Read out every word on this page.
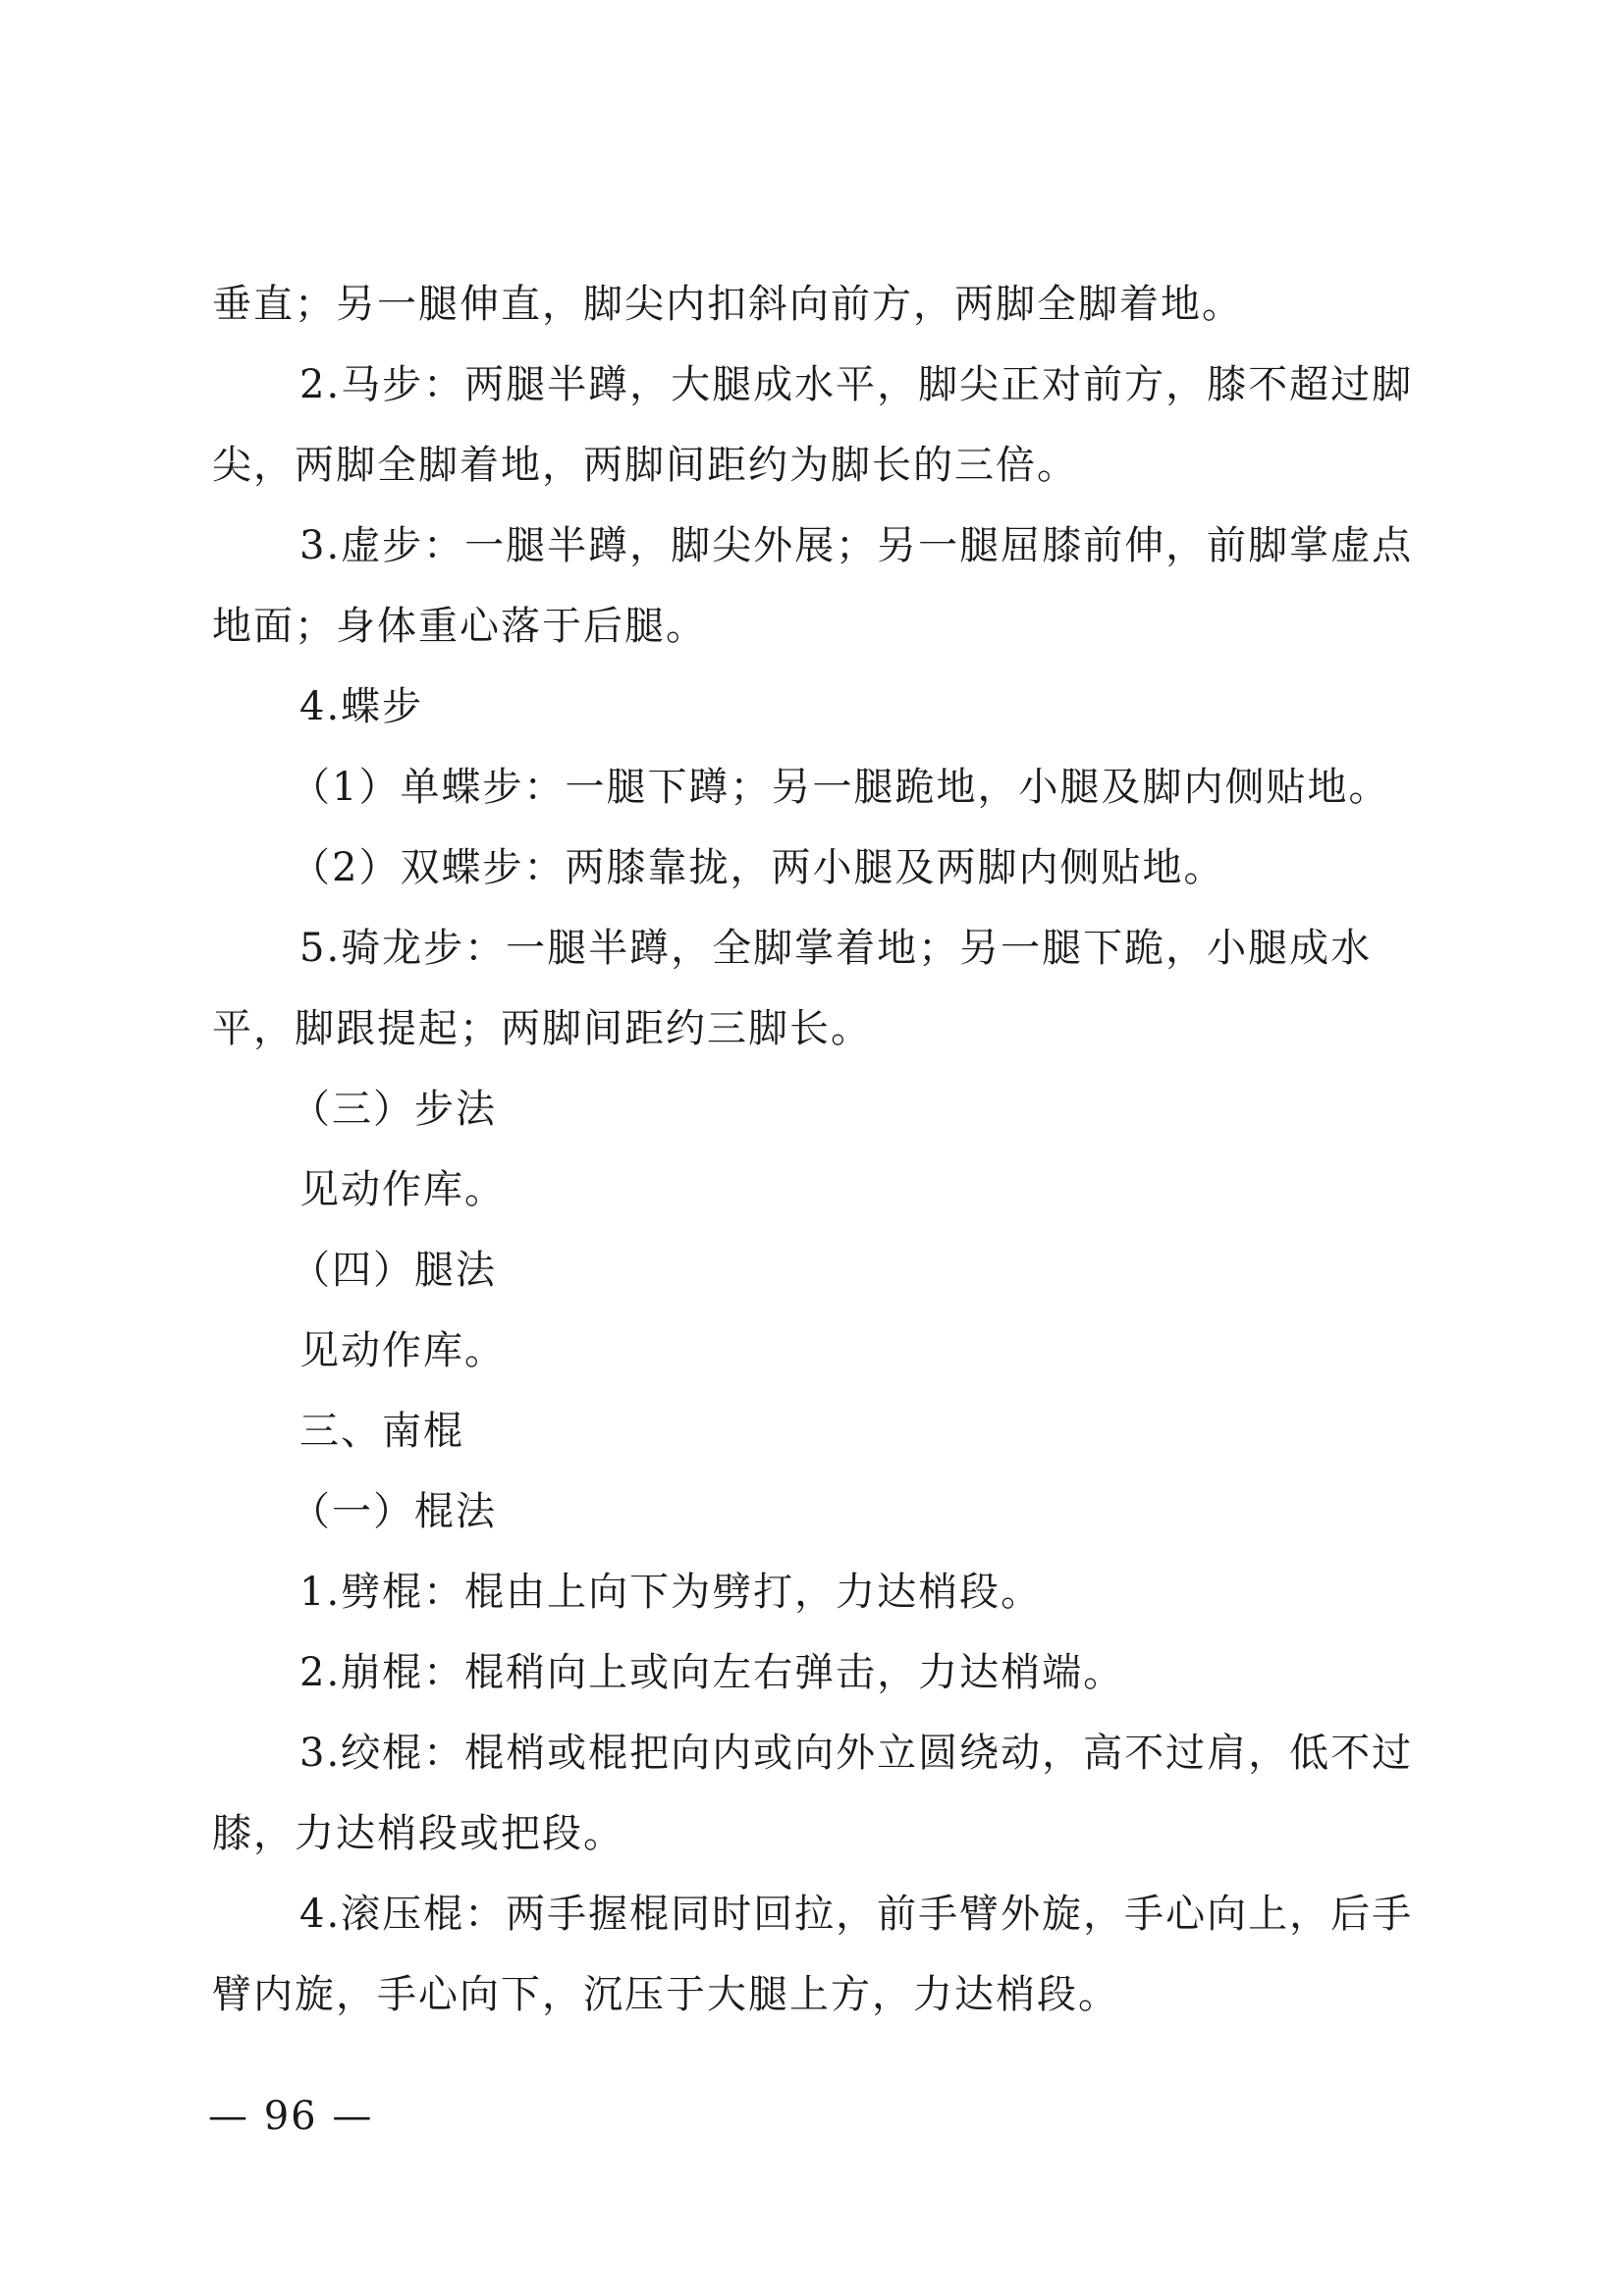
垂直；另一腿伸直，脚尖内扣斜向前方，两脚全脚着地。

2.马步：两腿半蹲，大腿成水平，脚尖正对前方，膝不超过脚尖，两脚全脚着地，两脚间距约为脚长的三倍。

3.虚步：一腿半蹲，脚尖外展；另一腿屈膝前伸，前脚掌虚点地面；身体重心落于后腿。

4.蝶步

（1）单蝶步：一腿下蹲；另一腿跪地，小腿及脚内侧贴地。

（2）双蝶步：两膝靠拢，两小腿及两脚内侧贴地。

5.骑龙步：一腿半蹲，全脚掌着地；另一腿下跪，小腿成水平，脚跟提起；两脚间距约三脚长。

（三）步法

见动作库。

（四）腿法

见动作库。

三、南棍

（一）棍法

1.劈棍：棍由上向下为劈打，力达梢段。

2.崩棍：棍稍向上或向左右弹击，力达梢端。

3.绞棍：棍梢或棍把向内或向外立圆绕动，高不过肩，低不过膝，力达梢段或把段。

4.滚压棍：两手握棍同时回拉，前手臂外旋，手心向上，后手臂内旋，手心向下，沉压于大腿上方，力达梢段。

— 96 —
